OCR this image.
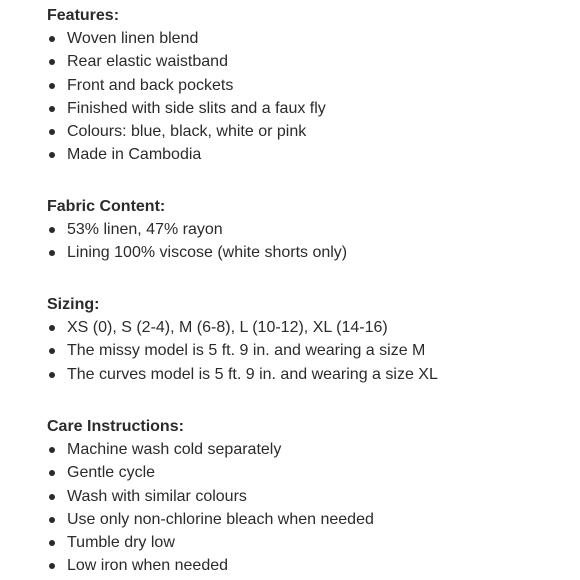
Features:
Woven linen blend
Rear elastic waistband
Front and back pockets
Finished with side slits and a faux fly
Colours: blue, black, white or pink
Made in Cambodia
Fabric Content:
53% linen, 47% rayon
Lining 100% viscose (white shorts only)
Sizing:
XS (0), S (2-4), M (6-8), L (10-12), XL (14-16)
The missy model is 5 ft. 9 in. and wearing a size M
The curves model is 5 ft. 9 in. and wearing a size XL
Care Instructions:
Machine wash cold separately
Gentle cycle
Wash with similar colours
Use only non-chlorine bleach when needed
Tumble dry low
Low iron when needed
